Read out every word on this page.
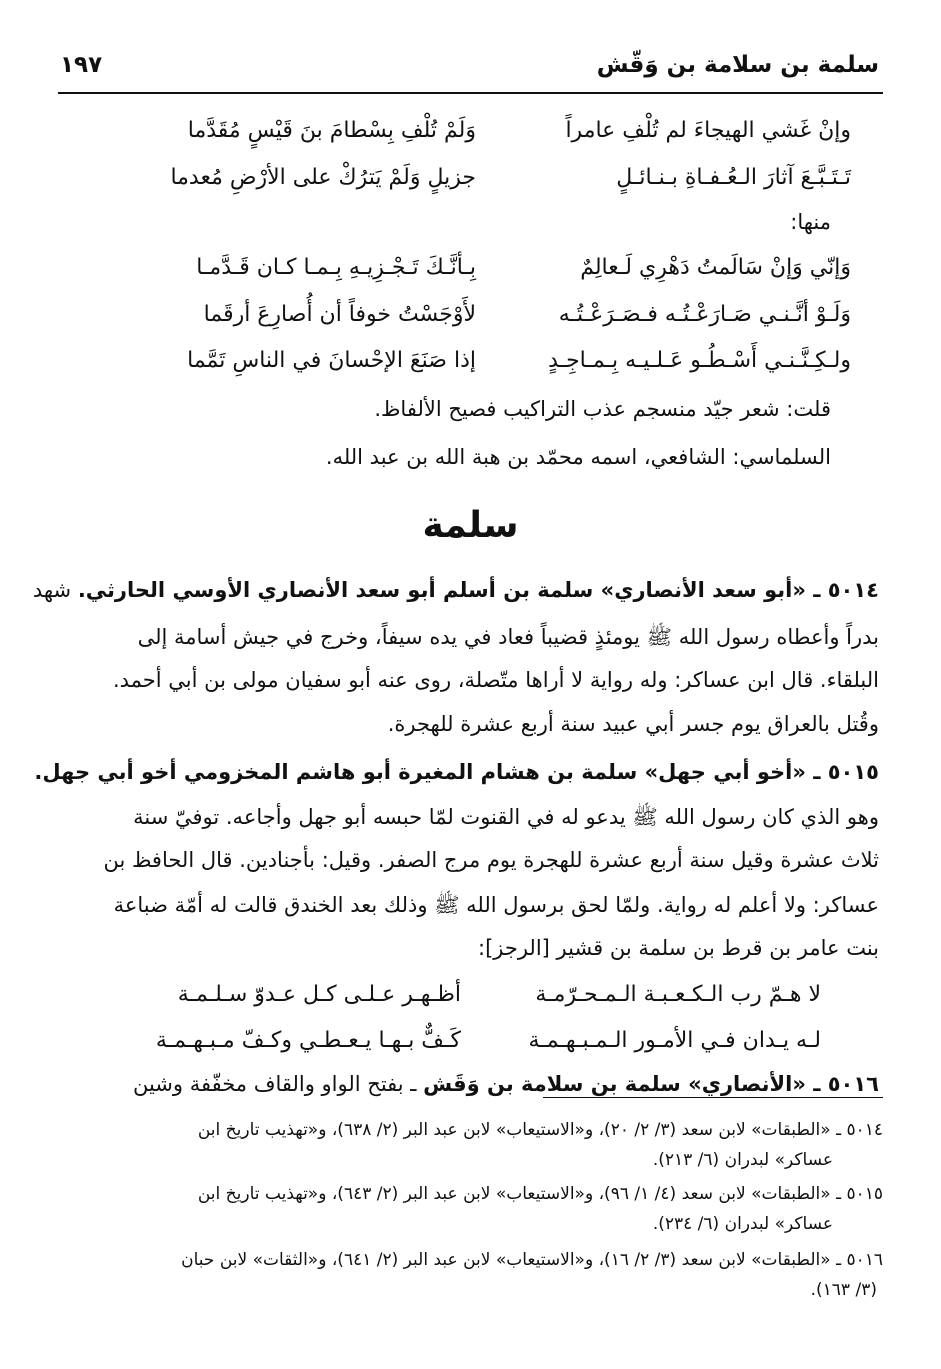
سلمة بن سلامة بن وَقّش
١٩٧
وإنْ غَشي الهيجاءَ لم تُلْفِ عامراً
وَلَمْ تُلْفِ بِسْطامَ بنَ قَيْسٍ مُقَدَّما
تَـتَـبَّـعَ آثارَ الـعُـفـاةِ بـنـائـلٍ
جزيلٍ وَلَمْ يَترُكْ على الأرْضِ مُعدما
منها:
وَإنّي وَإنْ سَالَمتُ دَهْرِي لَـعالِمٌ
بِـأنَّـكَ تَـجْـزِيـهِ بِـمـا كـان قَـدَّمـا
وَلَـوْ أنَّـنـي صَـارَعْـتُـه فـصَـرَعْـتُـه
لأَوْجَسْتُ خوفاً أن أُصارِعَ أرقَما
ولـكِـنَّـنـي أَسْـطُـو عَـلـيـه بِـمـاجِـدٍ
إذا صَنَعَ الإحْسانَ في الناسِ تَمَّما
قلت: شعر جيّد منسجم عذب التراكيب فصيح الألفاظ.
السلماسي: الشافعي، اسمه محمّد بن هبة الله بن عبد الله.
سلمة
٥٠١٤ ـ «أبو سعد الأنصاري» سلمة بن أسلم أبو سعد الأنصاري الأوسي الحارثي. شهد
بدراً وأعطاه رسول الله ﷺ يومئذٍ قضيباً فعاد في يده سيفاً، وخرج في جيش أسامة إلى
البلقاء. قال ابن عساكر: وله رواية لا أراها متّصلة، روى عنه أبو سفيان مولى بن أبي أحمد.
وقُتل بالعراق يوم جسر أبي عبيد سنة أربع عشرة للهجرة.
٥٠١٥ ـ «أخو أبي جهل» سلمة بن هشام المغيرة أبو هاشم المخزومي أخو أبي جهل.
وهو الذي كان رسول الله ﷺ يدعو له في القنوت لمّا حبسه أبو جهل وأجاعه. توفيّ سنة
ثلاث عشرة وقيل سنة أربع عشرة للهجرة يوم مرج الصفر. وقيل: بأجنادين. قال الحافظ بن
عساكر: ولا أعلم له رواية. ولمّا لحق برسول الله ﷺ وذلك بعد الخندق قالت له أمّة ضباعة
بنت عامر بن قرط بن سلمة بن قشير [الرجز]:
لا هـمّ رب الـكـعـبـة الـمـحـرّمـة
أظـهـر عـلـى كـل عـدوّ سـلـمـة
لـه يـدان فـي الأمـور الـمـبـهـمـة
كَـفٌّ بـهـا يـعـطـي وكـفّ مـبـهـمـة
٥٠١٦ ـ «الأنصاري» سلمة بن سلامة بن وَقَش ـ بفتح الواو والقاف مخفّفة وشين
٥٠١٤ ـ «الطبقات» لابن سعد (٣/ ٢/ ٢٠)، و«الاستيعاب» لابن عبد البر (٢/ ٦٣٨)، و«تهذيب تاريخ ابن
عساكر» لبدران (٦/ ٢١٣).
٥٠١٥ ـ «الطبقات» لابن سعد (٤/ ١/ ٩٦)، و«الاستيعاب» لابن عبد البر (٢/ ٦٤٣)، و«تهذيب تاريخ ابن
عساكر» لبدران (٦/ ٢٣٤).
٥٠١٦ ـ «الطبقات» لابن سعد (٣/ ٢/ ١٦)، و«الاستيعاب» لابن عبد البر (٢/ ٦٤١)، و«الثقات» لابن حبان
(٣/ ١٦٣).
